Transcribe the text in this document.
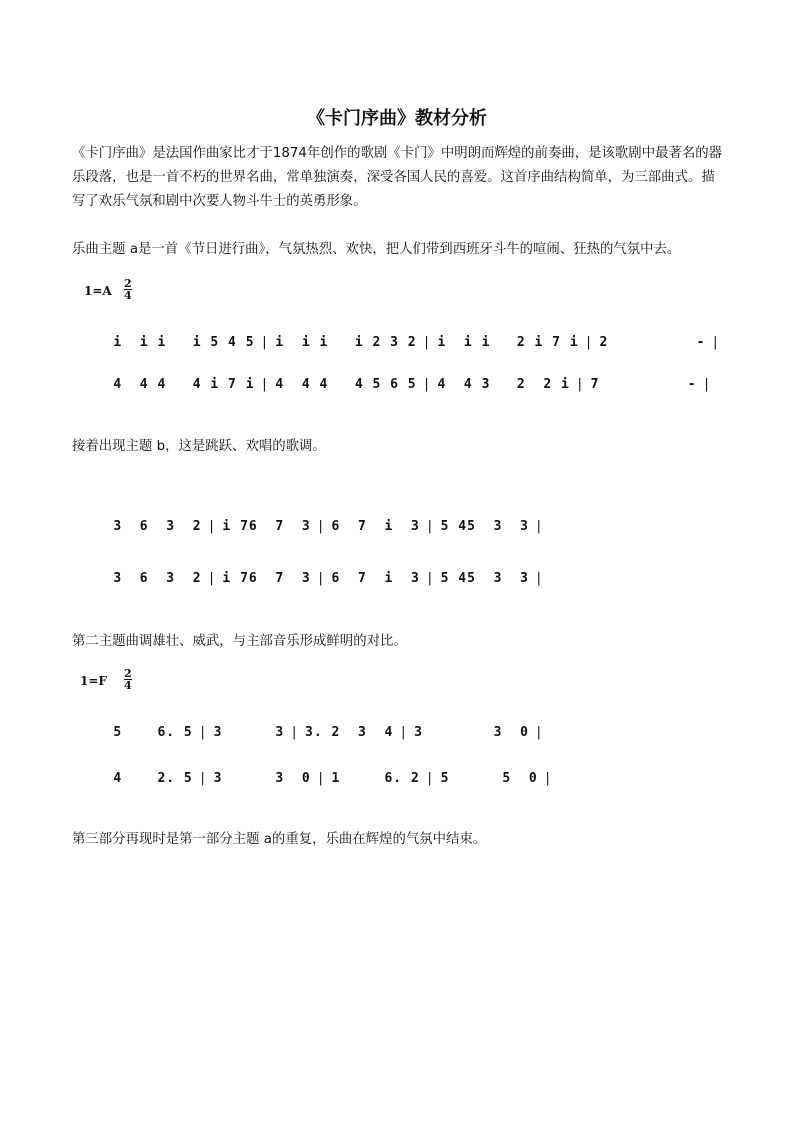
《卡门序曲》教材分析
《卡门序曲》是法国作曲家比才于1874年创作的歌剧《卡门》中明朗而辉煌的前奏曲，是该歌剧中最著名的器乐段落，也是一首不朽的世界名曲，常单独演奏，深受各国人民的喜爱。这首序曲结构简单，为三部曲式。描写了欢乐气氛和剧中次要人物斗牛士的英勇形象。
乐曲主题 a是一首《节日进行曲》，气氛热烈、欢快，把人们带到西班牙斗牛的喧闹、狂热的气氛中去。
1=A
2
4

i  i i   i 5 4 5 | i  i i   i 2 3 2 | i  i i   2 i 7 i | 2          - |

4  4 4   4 i 7 i | 4  4 4   4 5 6 5 | 4  4 3   2  2 i | 7          - |

接着出现主题 b，这是跳跃、欢唱的歌调。

3  6  3  2 | i 76  7  3 | 6  7  i  3 | 5 45  3  3 |

3  6  3  2 | i 76  7  3 | 6  7  i  3 | 5 45  3  3 |

第二主题曲调雄壮、威武，与主部音乐形成鲜明的对比。
1=F
2
4

5    6. 5 | 3      3 | 3. 2  3  4 | 3        3  0 |

4    2. 5 | 3      3  0 | 1     6. 2 | 5      5  0 |

第三部分再现时是第一部分主题 a的重复，乐曲在辉煌的气氛中结束。
